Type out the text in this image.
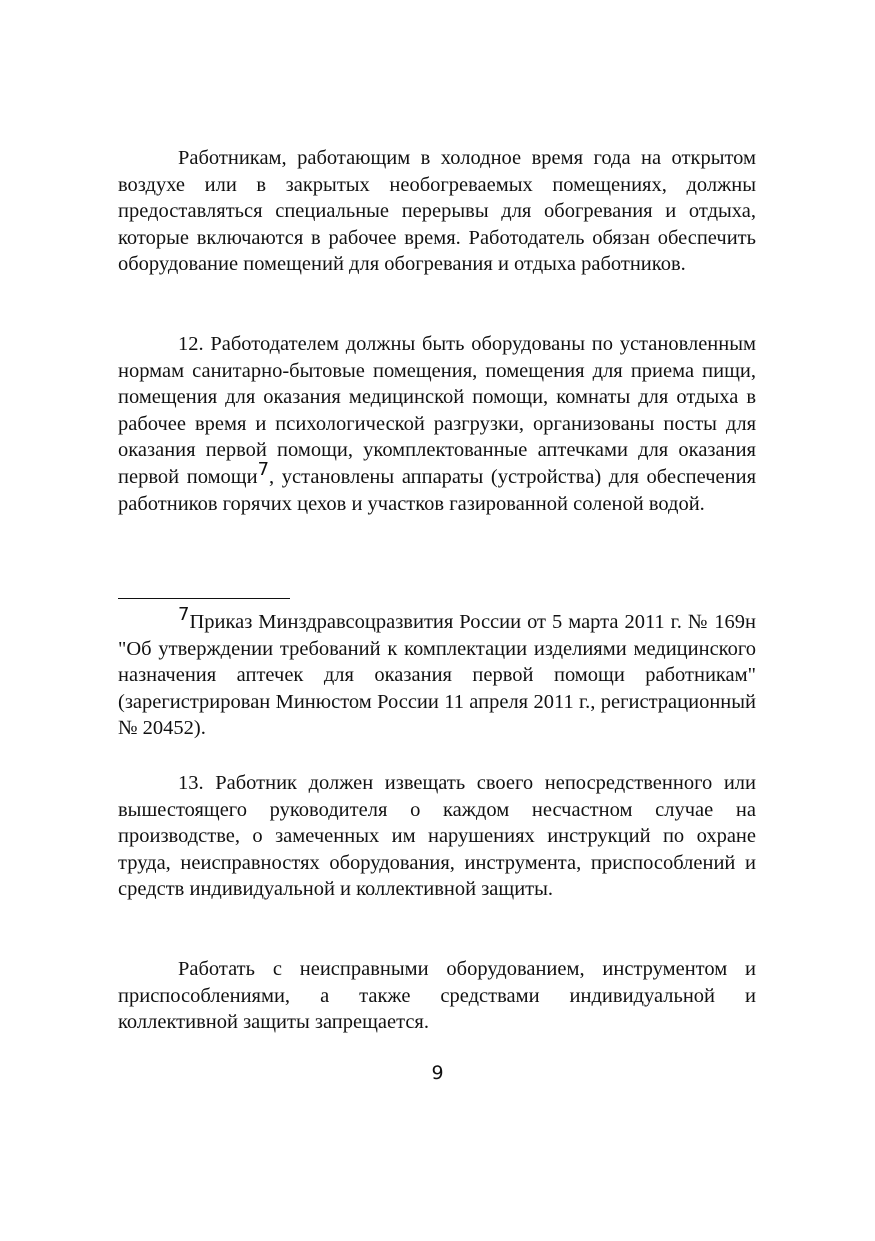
Работникам, работающим в холодное время года на открытом воздухе или в закрытых необогреваемых помещениях, должны предоставляться специальные перерывы для обогревания и отдыха, которые включаются в рабочее время. Работодатель обязан обеспечить оборудование помещений для обогревания и отдыха работников.

12. Работодателем должны быть оборудованы по установленным нормам санитарно-бытовые помещения, помещения для приема пищи, помещения для оказания медицинской помощи, комнаты для отдыха в рабочее время и психологической разгрузки, организованы посты для оказания первой помощи, укомплектованные аптечками для оказания первой помощи7, установлены аппараты (устройства) для обеспечения работников горячих цехов и участков газированной соленой водой.

7Приказ Минздравсоцразвития России от 5 марта 2011 г. № 169н "Об утверждении требований к комплектации изделиями медицинского назначения аптечек для оказания первой помощи работникам" (зарегистрирован Минюстом России 11 апреля 2011 г., регистрационный № 20452).

13. Работник должен извещать своего непосредственного или вышестоящего руководителя о каждом несчастном случае на производстве, о замеченных им нарушениях инструкций по охране труда, неисправностях оборудования, инструмента, приспособлений и средств индивидуальной и коллективной защиты.

Работать с неисправными оборудованием, инструментом и приспособлениями, а также средствами индивидуальной и коллективной защиты запрещается.

9
